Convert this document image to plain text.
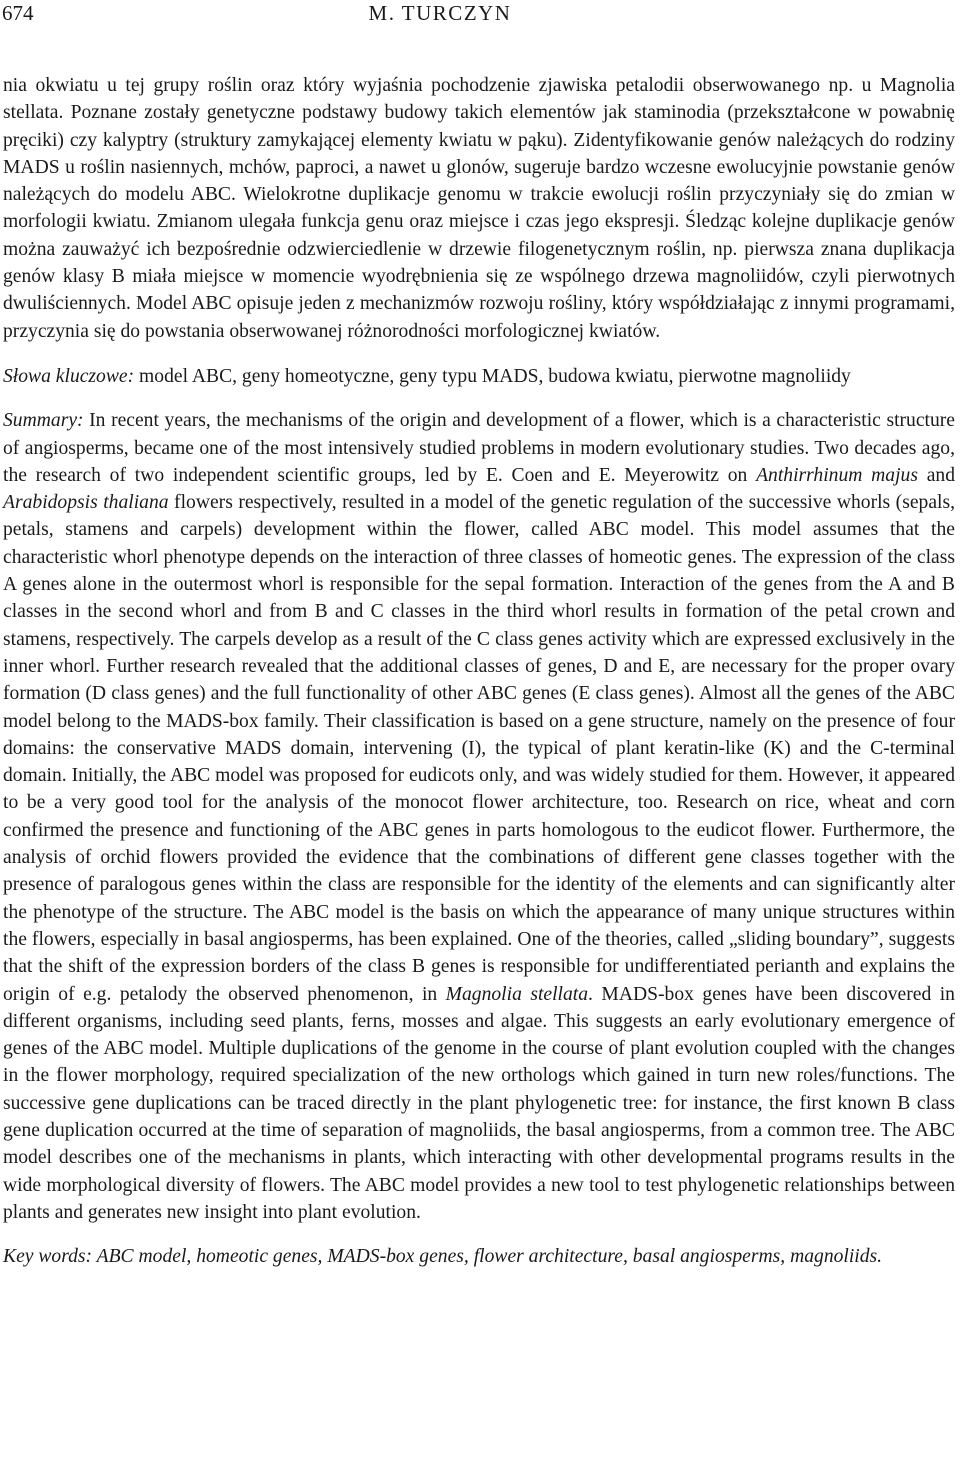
674	M. TURCZYN

nia okwiatu u tej grupy roślin oraz który wyjaśnia pochodzenie zjawiska petalodii obserwowanego np. u Magnolia stellata. Poznane zostały genetyczne podstawy budowy takich elementów jak staminodia (przekształcone w powabnię pręciki) czy kalyptry (struktury zamykającej elementy kwiatu w pąku). Zidentyfikowanie genów należących do rodziny MADS u roślin nasiennych, mchów, paproci, a nawet u glonów, sugeruje bardzo wczesne ewolucyjnie powstanie genów należących do modelu ABC. Wielokrotne duplikacje genomu w trakcie ewolucji roślin przyczyniały się do zmian w morfologii kwiatu. Zmianom ulegała funkcja genu oraz miejsce i czas jego ekspresji. Śledząc kolejne duplikacje genów można zauważyć ich bezpośrednie odzwierciedlenie w drzewie filogenetycznym roślin, np. pierwsza znana duplikacja genów klasy B miała miejsce w momencie wyodrębnienia się ze wspólnego drzewa magnoliidów, czyli pierwotnych dwuliściennych. Model ABC opisuje jeden z mechanizmów rozwoju rośliny, który współdziałając z innymi programami, przyczynia się do powstania obserwowanej różnorodności morfologicznej kwiatów.

Słowa kluczowe: model ABC, geny homeotyczne, geny typu MADS, budowa kwiatu, pierwotne magnoliidy

Summary: In recent years, the mechanisms of the origin and development of a flower, which is a characteristic structure of angiosperms, became one of the most intensively studied problems in modern evolutionary studies. Two decades ago, the research of two independent scientific groups, led by E. Coen and E. Meyerowitz on Anthirrhinum majus and Arabidopsis thaliana flowers respectively, resulted in a model of the genetic regulation of the successive whorls (sepals, petals, stamens and carpels) development within the flower, called ABC model. This model assumes that the characteristic whorl phenotype depends on the interaction of three classes of homeotic genes. The expression of the class A genes alone in the outermost whorl is responsible for the sepal formation. Interaction of the genes from the A and B classes in the second whorl and from B and C classes in the third whorl results in formation of the petal crown and stamens, respectively. The carpels develop as a result of the C class genes activity which are expressed exclusively in the inner whorl. Further research revealed that the additional classes of genes, D and E, are necessary for the proper ovary formation (D class genes) and the full functionality of other ABC genes (E class genes). Almost all the genes of the ABC model belong to the MADS-box family. Their classification is based on a gene structure, namely on the presence of four domains: the conservative MADS domain, intervening (I), the typical of plant keratin-like (K) and the C-terminal domain. Initially, the ABC model was proposed for eudicots only, and was widely studied for them. However, it appeared to be a very good tool for the analysis of the monocot flower architecture, too. Research on rice, wheat and corn confirmed the presence and functioning of the ABC genes in parts homologous to the eudicot flower. Furthermore, the analysis of orchid flowers provided the evidence that the combinations of different gene classes together with the presence of paralogous genes within the class are responsible for the identity of the elements and can significantly alter the phenotype of the structure. The ABC model is the basis on which the appearance of many unique structures within the flowers, especially in basal angiosperms, has been explained. One of the theories, called „sliding boundary”, suggests that the shift of the expression borders of the class B genes is responsible for undifferentiated perianth and explains the origin of e.g. petalody the observed phenomenon, in Magnolia stellata. MADS-box genes have been discovered in different organisms, including seed plants, ferns, mosses and algae. This suggests an early evolutionary emergence of genes of the ABC model. Multiple duplications of the genome in the course of plant evolution coupled with the changes in the flower morphology, required specialization of the new orthologs which gained in turn new roles/functions. The successive gene duplications can be traced directly in the plant phylogenetic tree: for instance, the first known B class gene duplication occurred at the time of separation of magnoliids, the basal angiosperms, from a common tree. The ABC model describes one of the mechanisms in plants, which interacting with other developmental programs results in the wide morphological diversity of flowers. The ABC model provides a new tool to test phylogenetic relationships between plants and generates new insight into plant evolution.

Key words: ABC model, homeotic genes, MADS-box genes, flower architecture, basal angiosperms, magnoliids.
